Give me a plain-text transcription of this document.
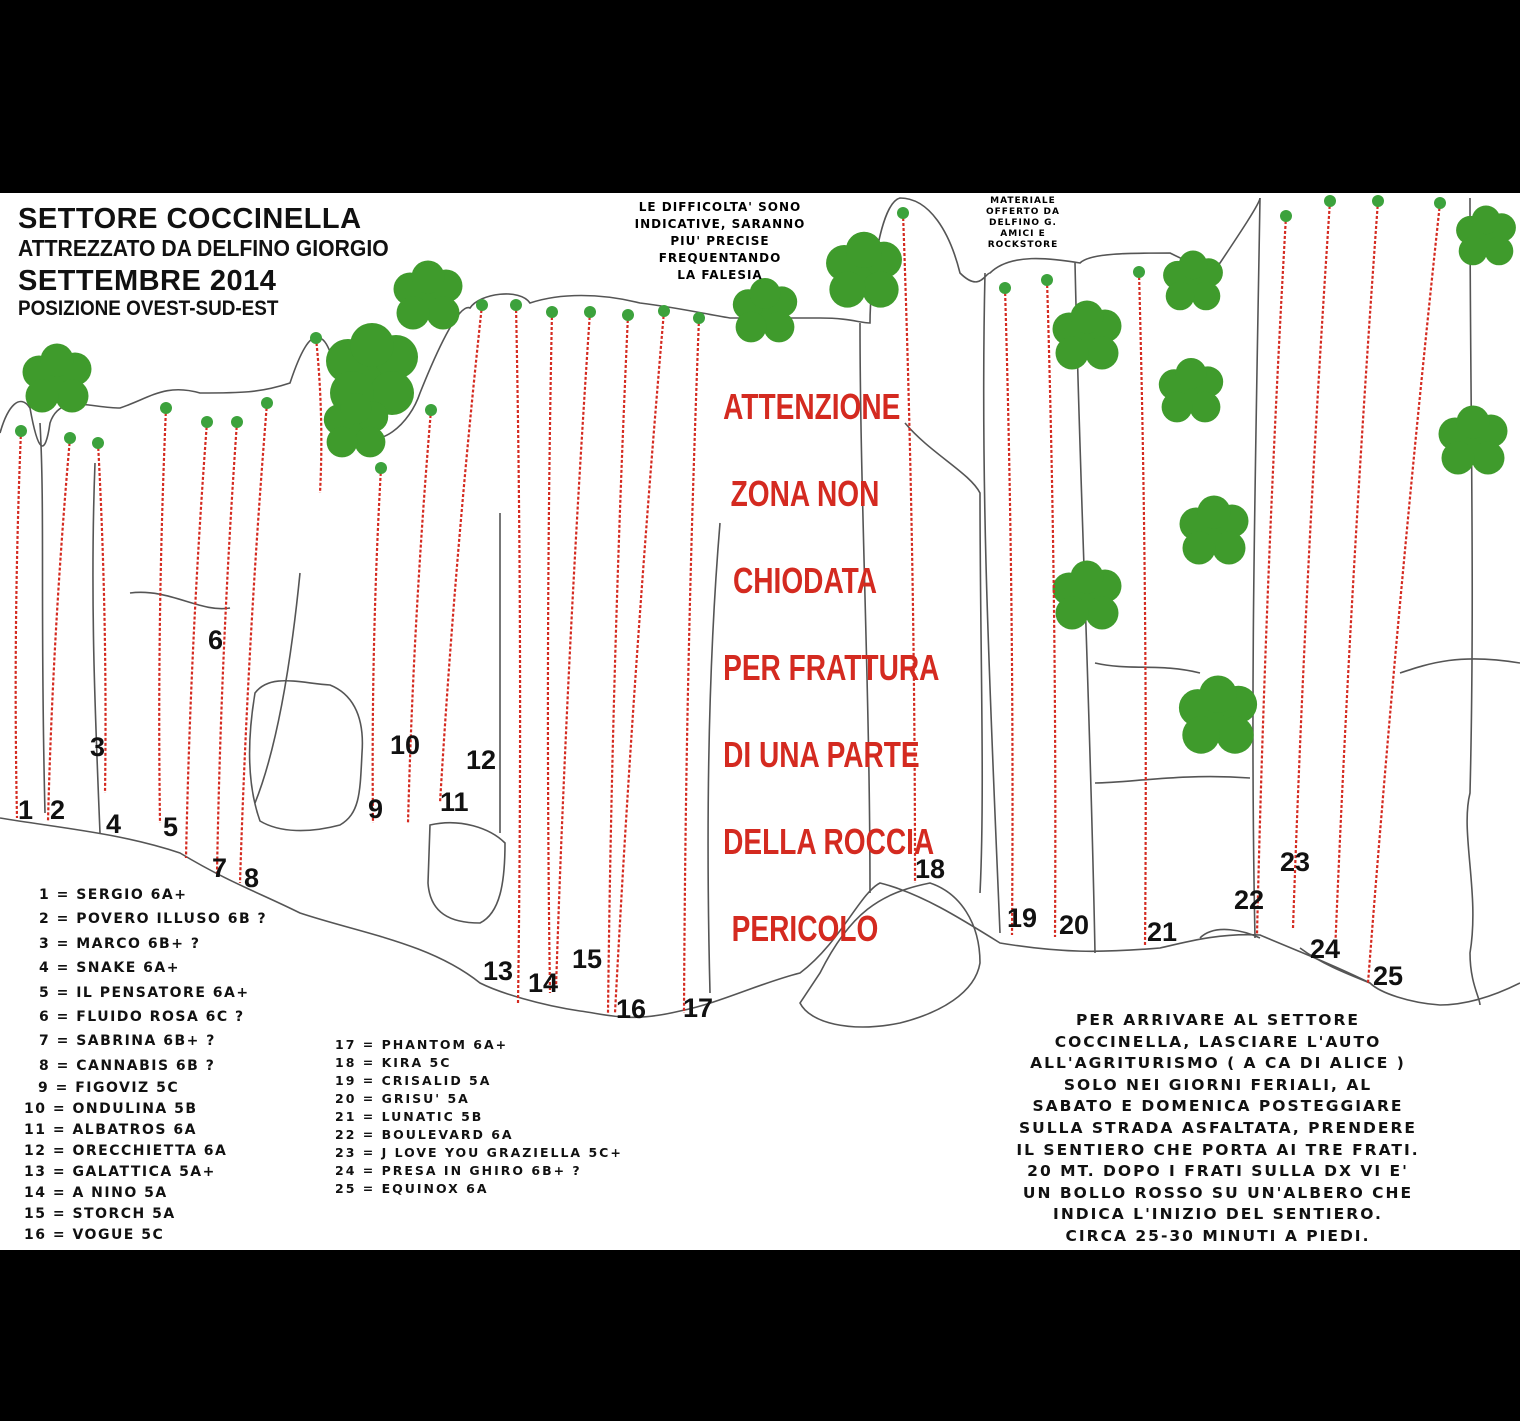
SETTORE COCCINELLA
ATTREZZATO DA DELFINO GIORGIO
SETTEMBRE 2014
POSIZIONE OVEST-SUD-EST
LE DIFFICOLTA' SONO
INDICATIVE, SARANNO
PIU' PRECISE
FREQUENTANDO
LA FALESIA
MATERIALE
OFFERTO DA
DELFINO G.
AMICI E
ROCKSTORE
ATTENZIONE
ZONA NON
CHIODATA
PER FRATTURA
DI UNA PARTE
DELLA ROCCIA
PERICOLO
1 2
3
4 5
6
7 8
9
10
11
12
13 14
15
16 17
18
19 20 21
22
23
24
25
1 = SERGIO 6A+
2 = POVERO ILLUSO 6B ?
3 = MARCO 6B+ ?
4 = SNAKE 6A+
5 = IL PENSATORE 6A+
6 = FLUIDO ROSA 6C ?
7 = SABRINA 6B+ ?
8 = CANNABIS 6B ?
9 = FIGOVIZ 5C
10 = ONDULINA 5B
11 = ALBATROS 6A
12 = ORECCHIETTA 6A
13 = GALATTICA 5A+
14 = A NINO 5A
15 = STORCH 5A
16 = VOGUE 5C
17 = PHANTOM 6A+
18 = KIRA 5C
19 = CRISALID 5A
20 = GRISU' 5A
21 = LUNATIC 5B
22 = BOULEVARD 6A
23 = J LOVE YOU GRAZIELLA 5C+
24 = PRESA IN GHIRO 6B+ ?
25 = EQUINOX 6A
PER ARRIVARE AL SETTORE
COCCINELLA, LASCIARE L'AUTO
ALL'AGRITURISMO ( A CA DI ALICE )
SOLO NEI GIORNI FERIALI, AL
SABATO E DOMENICA POSTEGGIARE
SULLA STRADA ASFALTATA, PRENDERE
IL SENTIERO CHE PORTA AI TRE FRATI.
20 MT. DOPO I FRATI SULLA DX VI E'
UN BOLLO ROSSO SU UN'ALBERO CHE
INDICA L'INIZIO DEL SENTIERO.
CIRCA 25-30 MINUTI A PIEDI.
